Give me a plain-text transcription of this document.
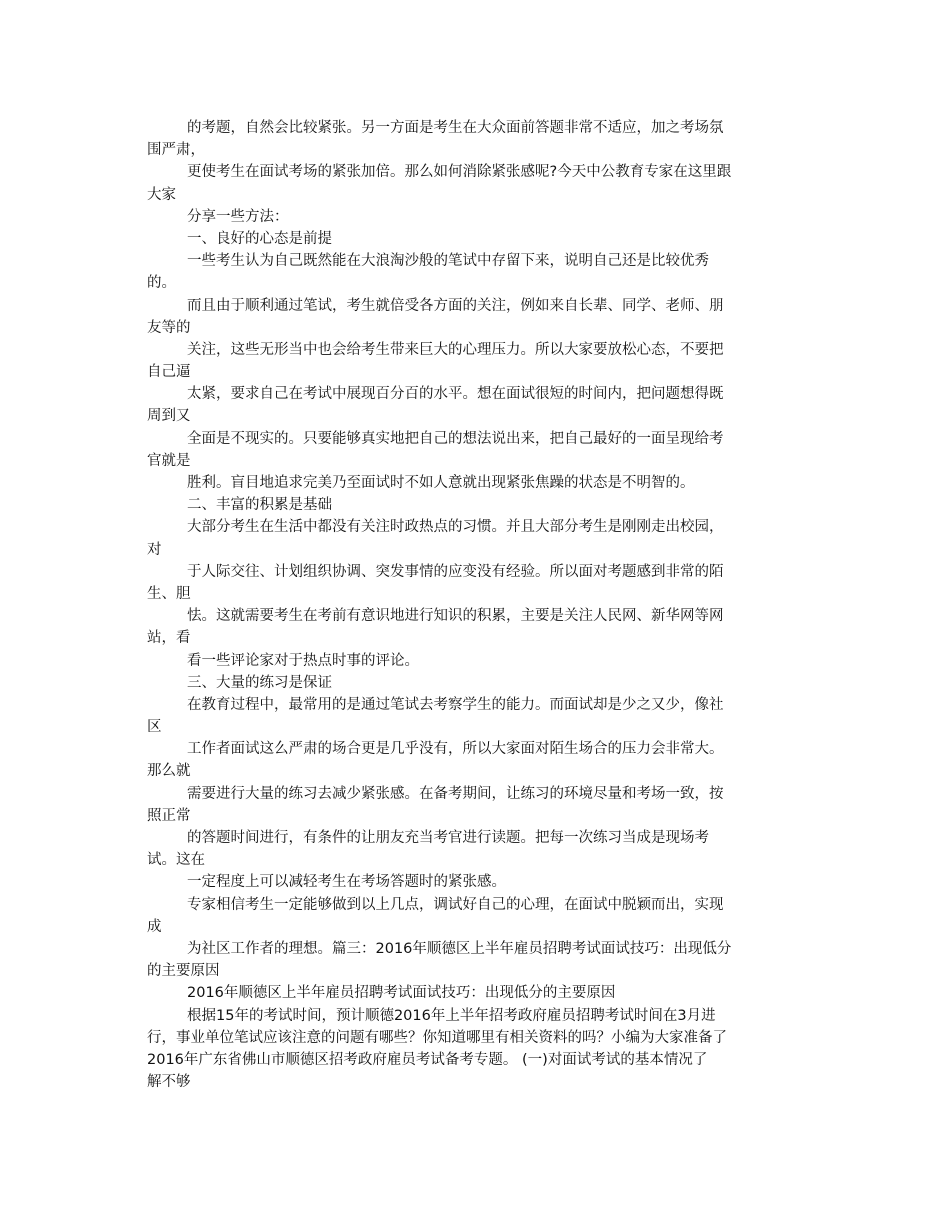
的考题，自然会比较紧张。另一方面是考生在大众面前答题非常不适应，加之考场氛
围严肃，
更使考生在面试考场的紧张加倍。那么如何消除紧张感呢?今天中公教育专家在这里跟
大家
分享一些方法：
一、良好的心态是前提
一些考生认为自己既然能在大浪淘沙般的笔试中存留下来，说明自己还是比较优秀
的。
而且由于顺利通过笔试，考生就倍受各方面的关注，例如来自长辈、同学、老师、朋
友等的
关注，这些无形当中也会给考生带来巨大的心理压力。所以大家要放松心态，不要把
自己逼
太紧，要求自己在考试中展现百分百的水平。想在面试很短的时间内，把问题想得既
周到又
全面是不现实的。只要能够真实地把自己的想法说出来，把自己最好的一面呈现给考
官就是
胜利。盲目地追求完美乃至面试时不如人意就出现紧张焦躁的状态是不明智的。
二、丰富的积累是基础
大部分考生在生活中都没有关注时政热点的习惯。并且大部分考生是刚刚走出校园，
对
于人际交往、计划组织协调、突发事情的应变没有经验。所以面对考题感到非常的陌
生、胆
怯。这就需要考生在考前有意识地进行知识的积累，主要是关注人民网、新华网等网
站，看
看一些评论家对于热点时事的评论。
三、大量的练习是保证
在教育过程中，最常用的是通过笔试去考察学生的能力。而面试却是少之又少，像社
区
工作者面试这么严肃的场合更是几乎没有，所以大家面对陌生场合的压力会非常大。
那么就
需要进行大量的练习去减少紧张感。在备考期间，让练习的环境尽量和考场一致，按
照正常
的答题时间进行，有条件的让朋友充当考官进行读题。把每一次练习当成是现场考
试。这在
一定程度上可以减轻考生在考场答题时的紧张感。
专家相信考生一定能够做到以上几点，调试好自己的心理，在面试中脱颖而出，实现
成
为社区工作者的理想。篇三：2016年顺德区上半年雇员招聘考试面试技巧：出现低分
的主要原因
2016年顺德区上半年雇员招聘考试面试技巧：出现低分的主要原因
根据15年的考试时间，预计顺德2016年上半年招考政府雇员招聘考试时间在3月进
行，事业单位笔试应该注意的问题有哪些？你知道哪里有相关资料的吗？小编为大家准备了
2016年广东省佛山市顺德区招考政府雇员考试备考专题。 (一)对面试考试的基本情况了
解不够
